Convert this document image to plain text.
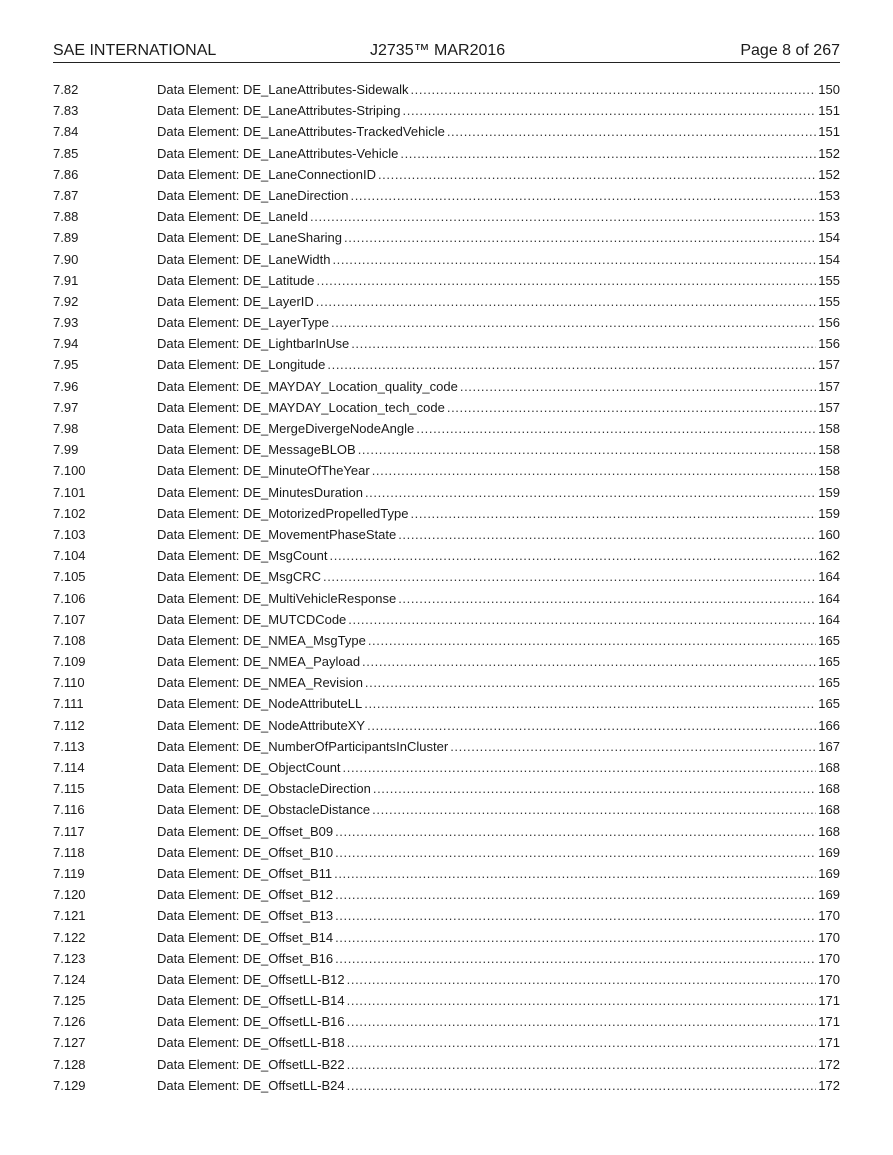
SAE INTERNATIONAL	J2735™ MAR2016	Page 8 of 267
7.82	Data Element: DE_LaneAttributes-Sidewalk .....	150
7.83	Data Element: DE_LaneAttributes-Striping .....	151
7.84	Data Element: DE_LaneAttributes-TrackedVehicle .....	151
7.85	Data Element: DE_LaneAttributes-Vehicle .....	152
7.86	Data Element: DE_LaneConnectionID .....	152
7.87	Data Element: DE_LaneDirection .....	153
7.88	Data Element: DE_LaneId .....	153
7.89	Data Element: DE_LaneSharing .....	154
7.90	Data Element: DE_LaneWidth .....	154
7.91	Data Element: DE_Latitude .....	155
7.92	Data Element: DE_LayerID .....	155
7.93	Data Element: DE_LayerType .....	156
7.94	Data Element: DE_LightbarInUse .....	156
7.95	Data Element: DE_Longitude .....	157
7.96	Data Element: DE_MAYDAY_Location_quality_code .....	157
7.97	Data Element: DE_MAYDAY_Location_tech_code .....	157
7.98	Data Element: DE_MergeDivergeNodeAngle .....	158
7.99	Data Element: DE_MessageBLOB .....	158
7.100	Data Element: DE_MinuteOfTheYear .....	158
7.101	Data Element: DE_MinutesDuration .....	159
7.102	Data Element: DE_MotorizedPropelledType .....	159
7.103	Data Element: DE_MovementPhaseState .....	160
7.104	Data Element: DE_MsgCount .....	162
7.105	Data Element: DE_MsgCRC .....	164
7.106	Data Element: DE_MultiVehicleResponse .....	164
7.107	Data Element: DE_MUTCDCode .....	164
7.108	Data Element: DE_NMEA_MsgType .....	165
7.109	Data Element: DE_NMEA_Payload .....	165
7.110	Data Element: DE_NMEA_Revision .....	165
7.111	Data Element: DE_NodeAttributeLL .....	165
7.112	Data Element: DE_NodeAttributeXY .....	166
7.113	Data Element: DE_NumberOfParticipantsInCluster .....	167
7.114	Data Element: DE_ObjectCount .....	168
7.115	Data Element: DE_ObstacleDirection .....	168
7.116	Data Element: DE_ObstacleDistance .....	168
7.117	Data Element: DE_Offset_B09 .....	168
7.118	Data Element: DE_Offset_B10 .....	169
7.119	Data Element: DE_Offset_B11 .....	169
7.120	Data Element: DE_Offset_B12 .....	169
7.121	Data Element: DE_Offset_B13 .....	170
7.122	Data Element: DE_Offset_B14 .....	170
7.123	Data Element: DE_Offset_B16 .....	170
7.124	Data Element: DE_OffsetLL-B12 .....	170
7.125	Data Element: DE_OffsetLL-B14 .....	171
7.126	Data Element: DE_OffsetLL-B16 .....	171
7.127	Data Element: DE_OffsetLL-B18 .....	171
7.128	Data Element: DE_OffsetLL-B22 .....	172
7.129	Data Element: DE_OffsetLL-B24 .....	172
